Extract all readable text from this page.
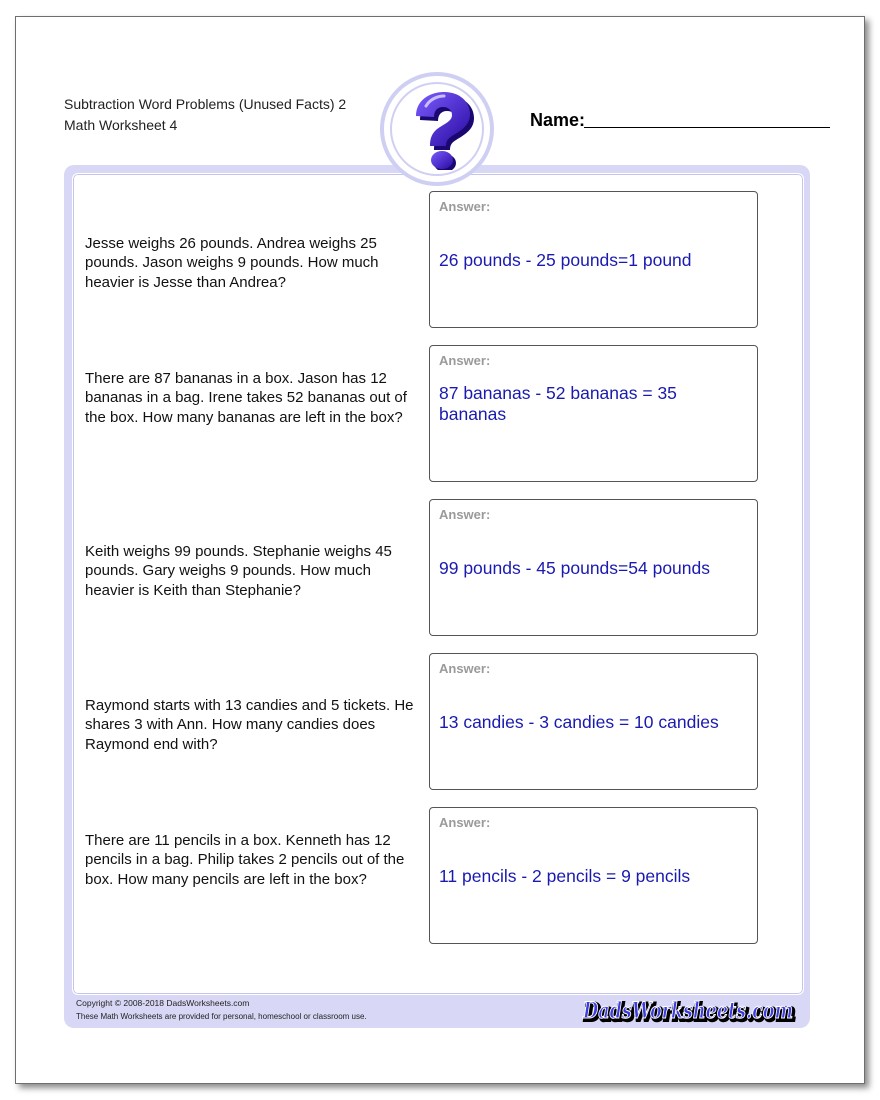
Subtraction Word Problems (Unused Facts) 2
Math Worksheet 4	Name:
Jesse weighs 26 pounds. Andrea weighs 25 pounds. Jason weighs 9 pounds. How much heavier is Jesse than Andrea?
Answer:
26 pounds - 25 pounds=1 pound
There are 87 bananas in a box. Jason has 12 bananas in a bag. Irene takes 52 bananas out of the box. How many bananas are left in the box?
Answer:
87 bananas - 52 bananas = 35 bananas
Keith weighs 99 pounds. Stephanie weighs 45 pounds. Gary weighs 9 pounds. How much heavier is Keith than Stephanie?
Answer:
99 pounds - 45 pounds=54 pounds
Raymond starts with 13 candies and 5 tickets. He shares 3 with Ann. How many candies does Raymond end with?
Answer:
13 candies - 3 candies = 10 candies
There are 11 pencils in a box. Kenneth has 12 pencils in a bag. Philip takes 2 pencils out of the box. How many pencils are left in the box?
Answer:
11 pencils - 2 pencils = 9 pencils
Copyright © 2008-2018 DadsWorksheets.com
These Math Worksheets are provided for personal, homeschool or classroom use.	DadsWorksheets.com
DadsWorksheets.com
